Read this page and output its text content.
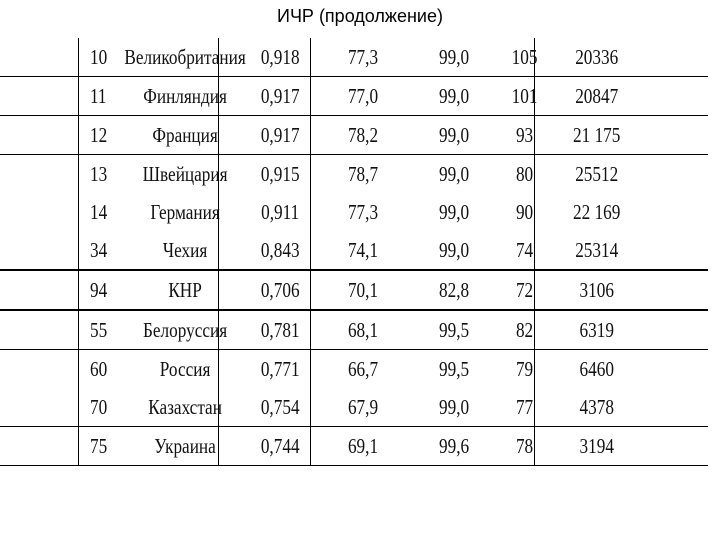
ИЧР (продолжение)
10 Великобритания 0,918	77,3	99,0	105	20336
11	Финляндия	0,917	77,0	99,0	101	20847
12	Франция	0,917	78,2	99,0	93	21 175
13	Швейцария	0,915	78,7	99,0	80	25512
14	Германия	0,911	77,3	99,0	90	22 169
34	Чехия	0,843	74,1	99,0	74	25314
94	КНР	0,706	70,1	82,8	72	3106
55	Белоруссия	0,781	68,1	99,5	82	6319
60	Россия	0,771	66,7	99,5	79	6460
70	Казахстан	0,754	67,9	99,0	77	4378
75	Украина	0,744	69,1	99,6	78	3194
